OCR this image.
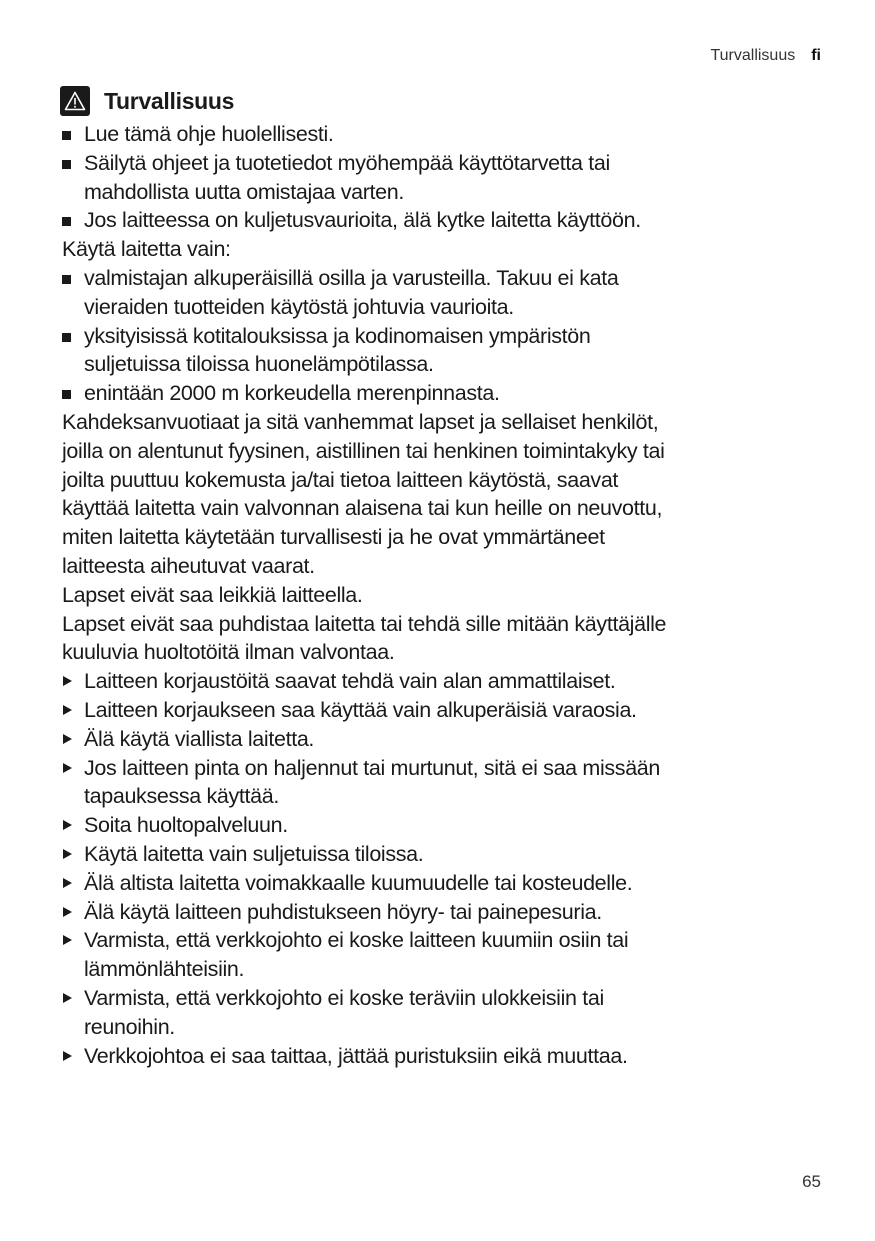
Turvallisuus fi
Turvallisuus
Lue tämä ohje huolellisesti.
Säilytä ohjeet ja tuotetiedot myöhempää käyttötarvetta tai
mahdollista uutta omistajaa varten.
Jos laitteessa on kuljetusvaurioita, älä kytke laitetta käyttöön.
Käytä laitetta vain:
valmistajan alkuperäisillä osilla ja varusteilla. Takuu ei kata
vieraiden tuotteiden käytöstä johtuvia vaurioita.
yksityisissä kotitalouksissa ja kodinomaisen ympäristön
suljetuissa tiloissa huonelämpötilassa.
enintään 2000 m korkeudella merenpinnasta.
Kahdeksanvuotiaat ja sitä vanhemmat lapset ja sellaiset henkilöt,
joilla on alentunut fyysinen, aistillinen tai henkinen toimintakyky tai
joilta puuttuu kokemusta ja/tai tietoa laitteen käytöstä, saavat
käyttää laitetta vain valvonnan alaisena tai kun heille on neuvottu,
miten laitetta käytetään turvallisesti ja he ovat ymmärtäneet
laitteesta aiheutuvat vaarat.
Lapset eivät saa leikkiä laitteella.
Lapset eivät saa puhdistaa laitetta tai tehdä sille mitään käyttäjälle
kuuluvia huoltotöitä ilman valvontaa.
Laitteen korjaustöitä saavat tehdä vain alan ammattilaiset.
Laitteen korjaukseen saa käyttää vain alkuperäisiä varaosia.
Älä käytä viallista laitetta.
Jos laitteen pinta on haljennut tai murtunut, sitä ei saa missään
tapauksessa käyttää.
Soita huoltopalveluun.
Käytä laitetta vain suljetuissa tiloissa.
Älä altista laitetta voimakkaalle kuumuudelle tai kosteudelle.
Älä käytä laitteen puhdistukseen höyry- tai painepesuria.
Varmista, että verkkojohto ei koske laitteen kuumiin osiin tai
lämmönlähteisiin.
Varmista, että verkkojohto ei koske teräviin ulokkeisiin tai
reunoihin.
Verkkojohtoa ei saa taittaa, jättää puristuksiin eikä muuttaa.
65
